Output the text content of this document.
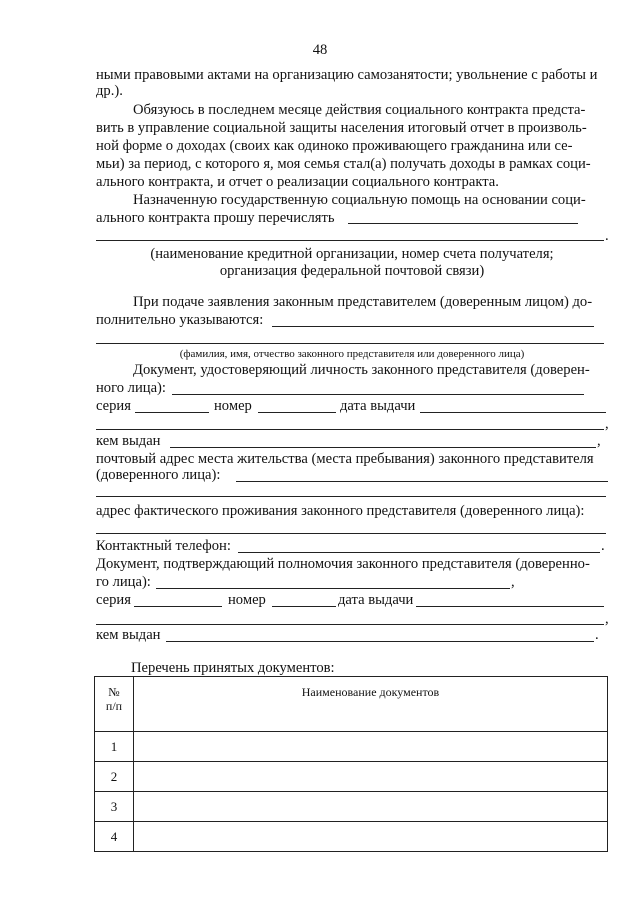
48
ными правовыми актами на организацию самозанятости; увольнение с работы и
др.).
Обязуюсь в последнем месяце действия социального контракта предста-
вить в управление социальной защиты населения итоговый отчет в произволь-
ной форме о доходах (своих как одиноко проживающего гражданина или се-
мьи) за период, с которого я, моя семья стал(а) получать доходы в рамках соци-
ального контракта, и отчет о реализации социального контракта.
Назначенную государственную социальную помощь на основании соци-
ального контракта прошу перечислять
.
(наименование кредитной организации, номер счета получателя;
организация федеральной почтовой связи)
При подаче заявления законным представителем (доверенным лицом) до-
полнительно указываются:
(фамилия, имя, отчество законного представителя или доверенного лица)
Документ, удостоверяющий личность законного представителя (доверен-
ного лица):
серия	номер	дата выдачи
,
кем выдан	,
почтовый адрес места жительства (места пребывания) законного представителя
(доверенного лица):
адрес фактического проживания законного представителя (доверенного лица):
Контактный телефон:	.
Документ, подтверждающий полномочия законного представителя (доверенно-
го лица):	,
серия	номер	дата выдачи
,
кем выдан	.
Перечень принятых документов:
№
п/п	Наименование документов
1	
2	
3	
4	
